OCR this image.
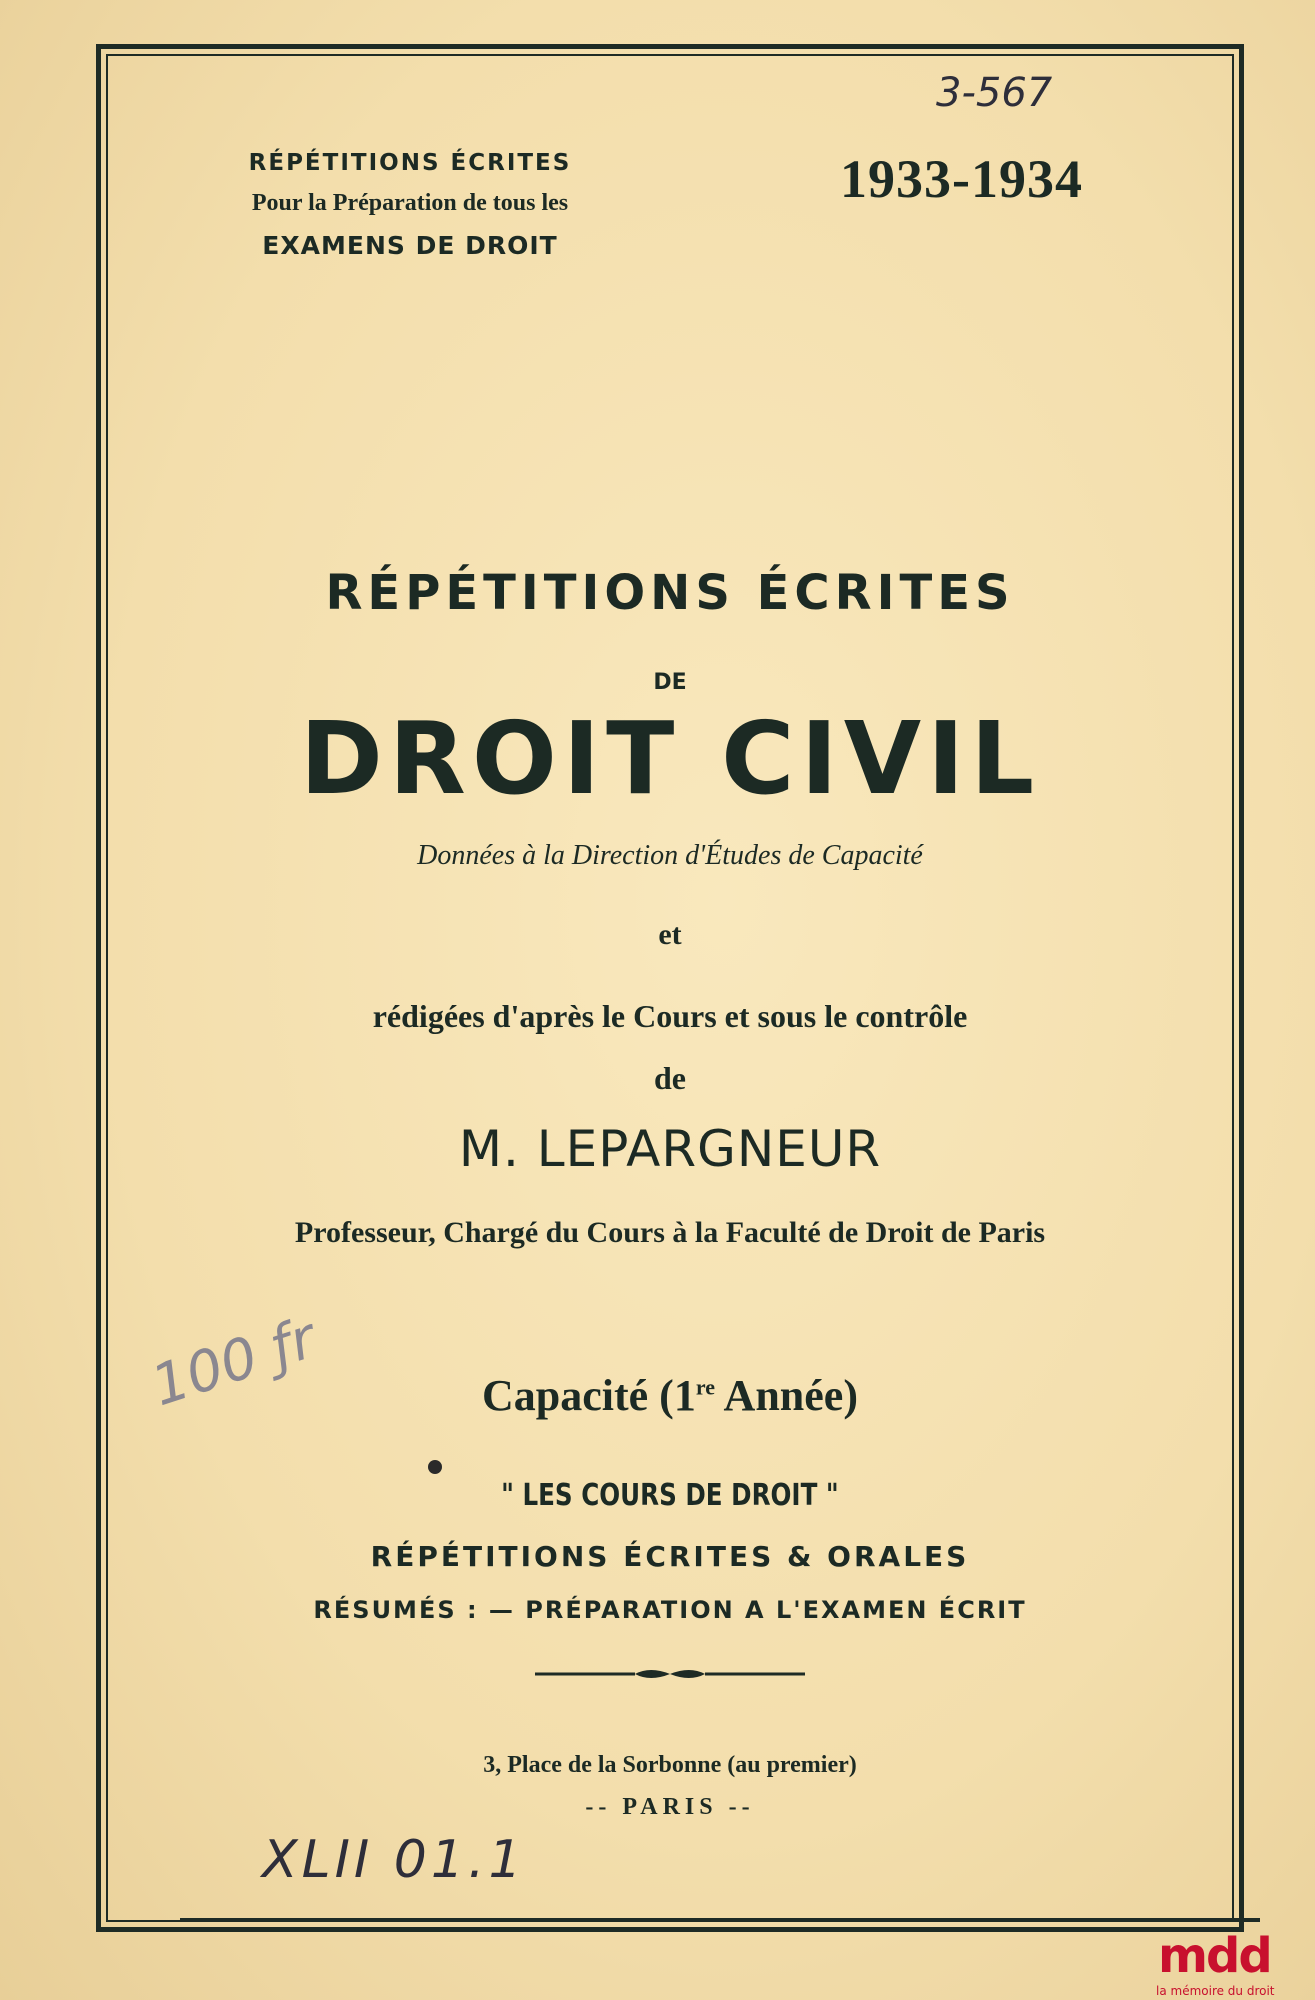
3-567
RÉPÉTITIONS ÉCRITES
Pour la Préparation de tous les
EXAMENS DE DROIT
1933-1934
RÉPÉTITIONS ÉCRITES
DE
DROIT CIVIL
Données à la Direction d'Études de Capacité
et
rédigées d'après le Cours et sous le contrôle
de
M. LEPARGNEUR
Professeur, Chargé du Cours à la Faculté de Droit de Paris
Capacité (1re Année)
" LES COURS DE DROIT "
RÉPÉTITIONS ÉCRITES & ORALES
RÉSUMÉS : — PRÉPARATION A L'EXAMEN ÉCRIT
3, Place de la Sorbonne (au premier)
-- PARIS --
100 ƒr
XLII 01.1
mdd
la mémoire du droit
